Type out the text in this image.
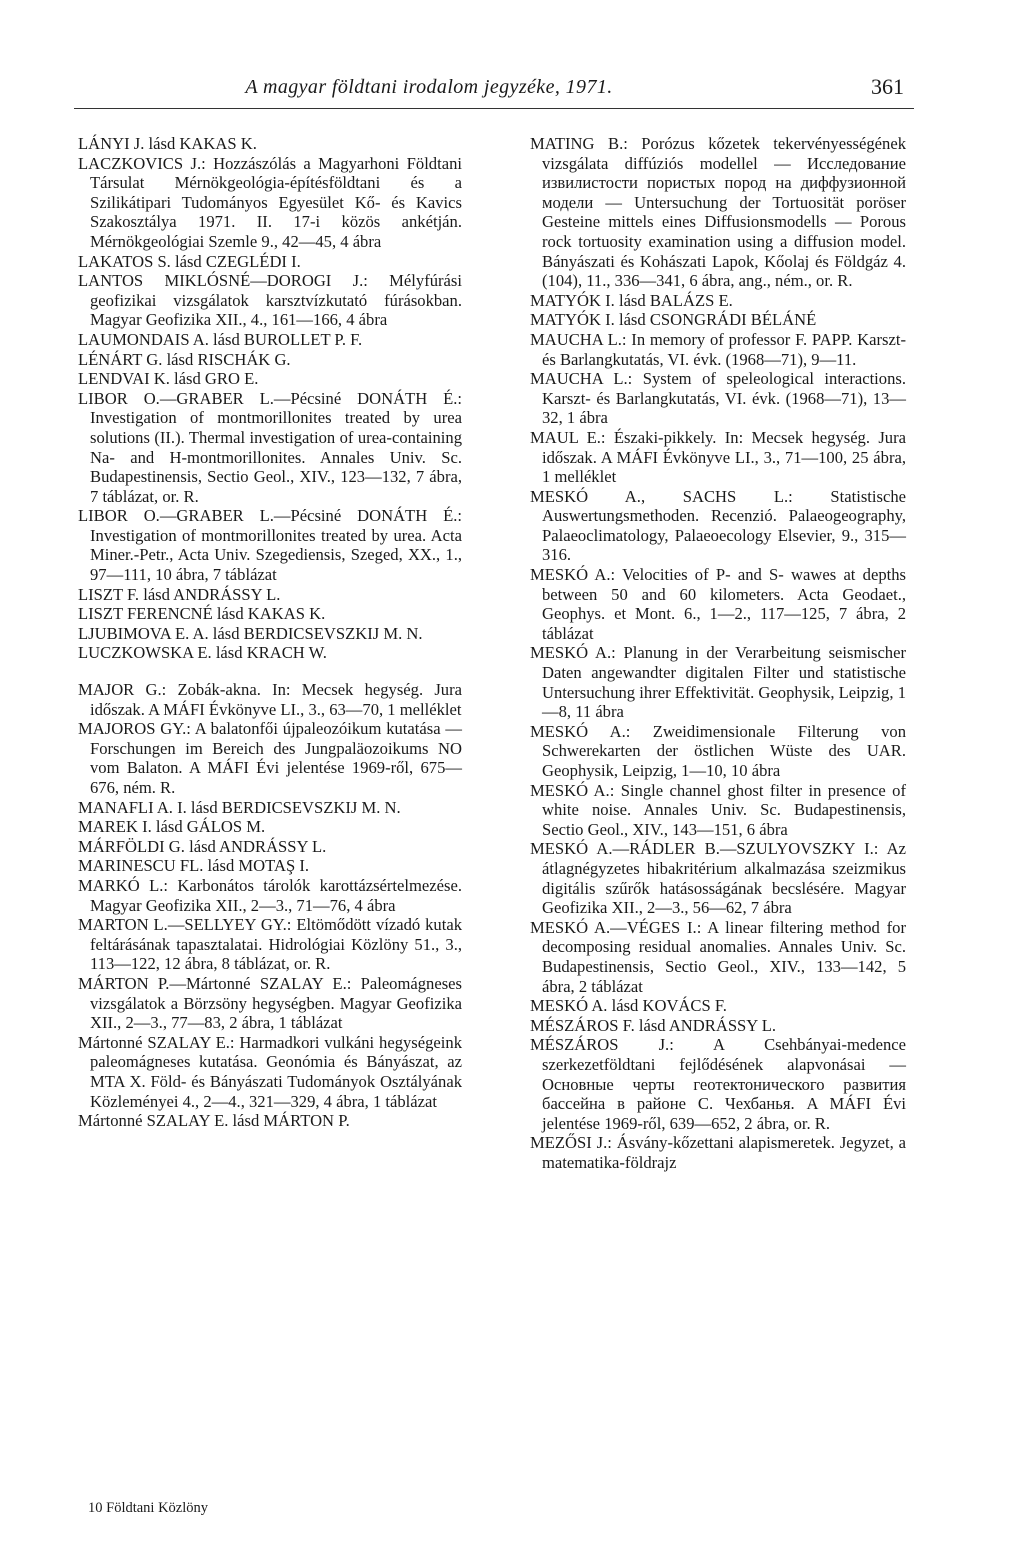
A magyar földtani irodalom jegyzéke, 1971.	361

LÁNYI J. lásd KAKAS K.

LACZKOVICS J.: Hozzászólás a Magyarhoni Földtani Társulat Mérnökgeológia-építésföldtani és a Szilikátipari Tudományos Egyesület Kő- és Kavics Szakosztálya 1971. II. 17-i közös ankétján. Mérnökgeológiai Szemle 9., 42—45, 4 ábra

LAKATOS S. lásd CZEGLÉDI I.

LANTOS MIKLÓSNÉ—DOROGI J.: Mélyfúrási geofizikai vizsgálatok karsztvízkutató fúrásokban. Magyar Geofizika XII., 4., 161—166, 4 ábra

LAUMONDAIS A. lásd BUROLLET P. F.

LÉNÁRT G. lásd RISCHÁK G.

LENDVAI K. lásd GRO E.

LIBOR O.—GRABER L.—Pécsiné DONÁTH É.: Investigation of montmorillonites treated by urea solutions (II.). Thermal investigation of urea-containing Na- and H-montmorillonites. Annales Univ. Sc. Budapestinensis, Sectio Geol., XIV., 123—132, 7 ábra, 7 táblázat, or. R.

LIBOR O.—GRABER L.—Pécsiné DONÁTH É.: Investigation of montmorillonites treated by urea. Acta Miner.-Petr., Acta Univ. Szegediensis, Szeged, XX., 1., 97—111, 10 ábra, 7 táblázat

LISZT F. lásd ANDRÁSSY L.

LISZT FERENCNÉ lásd KAKAS K.

LJUBIMOVA E. A. lásd BERDICSEVSZKIJ M. N.

LUCZKOWSKA E. lásd KRACH W.

MAJOR G.: Zobák-akna. In: Mecsek hegység. Jura időszak. A MÁFI Évkönyve LI., 3., 63—70, 1 melléklet

MAJOROS GY.: A balatonfői újpaleozóikum kutatása — Forschungen im Bereich des Jungpaläozoikums NO vom Balaton. A MÁFI Évi jelentése 1969-ről, 675—676, ném. R.

MANAFLI A. I. lásd BERDICSEVSZKIJ M. N.

MAREK I. lásd GÁLOS M.

MÁRFÖLDI G. lásd ANDRÁSSY L.

MARINESCU FL. lásd MOTAŞ I.

MARKÓ L.: Karbonátos tárolók karottázsértelmezése. Magyar Geofizika XII., 2—3., 71—76, 4 ábra

MARTON L.—SELLYEY GY.: Eltömődött vízadó kutak feltárásának tapasztalatai. Hidrológiai Közlöny 51., 3., 113—122, 12 ábra, 8 táblázat, or. R.

MÁRTON P.—Mártonné SZALAY E.: Paleomágneses vizsgálatok a Börzsöny hegységben. Magyar Geofizika XII., 2—3., 77—83, 2 ábra, 1 táblázat

Mártonné SZALAY E.: Harmadkori vulkáni hegységeink paleomágneses kutatása. Geonómia és Bányászat, az MTA X. Föld- és Bányászati Tudományok Osztályának Közleményei 4., 2—4., 321—329, 4 ábra, 1 táblázat

Mártonné SZALAY E. lásd MÁRTON P.

MATING B.: Porózus kőzetek tekervényességének vizsgálata diffúziós modellel — Исследование извилистости пористых пород на диффузионной модели — Untersuchung der Tortuosität poröser Gesteine mittels eines Diffusionsmodells — Porous rock tortuosity examination using a diffusion model. Bányászati és Kohászati Lapok, Kőolaj és Földgáz 4. (104), 11., 336—341, 6 ábra, ang., ném., or. R.

MATYÓK I. lásd BALÁZS E.

MATYÓK I. lásd CSONGRÁDI BÉLÁNÉ

MAUCHA L.: In memory of professor F. PAPP. Karszt- és Barlangkutatás, VI. évk. (1968—71), 9—11.

MAUCHA L.: System of speleological interactions. Karszt- és Barlangkutatás, VI. évk. (1968—71), 13—32, 1 ábra

MAUL E.: Északi-pikkely. In: Mecsek hegység. Jura időszak. A MÁFI Évkönyve LI., 3., 71—100, 25 ábra, 1 melléklet

MESKÓ A., SACHS L.: Statistische Auswertungsmethoden. Recenzió. Palaeogeography, Palaeoclimatology, Palaeoecology Elsevier, 9., 315—316.

MESKÓ A.: Velocities of P- and S- wawes at depths between 50 and 60 kilometers. Acta Geodaet., Geophys. et Mont. 6., 1—2., 117—125, 7 ábra, 2 táblázat

MESKÓ A.: Planung in der Verarbeitung seismischer Daten angewandter digitalen Filter und statistische Untersuchung ihrer Effektivität. Geophysik, Leipzig, 1—8, 11 ábra

MESKÓ A.: Zweidimensionale Filterung von Schwerekarten der östlichen Wüste des UAR. Geophysik, Leipzig, 1—10, 10 ábra

MESKÓ A.: Single channel ghost filter in presence of white noise. Annales Univ. Sc. Budapestinensis, Sectio Geol., XIV., 143—151, 6 ábra

MESKÓ A.—RÁDLER B.—SZULYOVSZKY I.: Az átlagnégyzetes hibakritérium alkalmazása szeizmikus digitális szűrők hatásosságának becslésére. Magyar Geofizika XII., 2—3., 56—62, 7 ábra

MESKÓ A.—VÉGES I.: A linear filtering method for decomposing residual anomalies. Annales Univ. Sc. Budapestinensis, Sectio Geol., XIV., 133—142, 5 ábra, 2 táblázat

MESKÓ A. lásd KOVÁCS F.

MÉSZÁROS F. lásd ANDRÁSSY L.

MÉSZÁROS J.: A Csehbányai-medence szerkezetföldtani fejlődésének alapvonásai — Основные черты геотектонического развития бассейна в районе С. Чехбанья. A MÁFI Évi jelentése 1969-ről, 639—652, 2 ábra, or. R.

MEZŐSI J.: Ásvány-kőzettani alapismeretek. Jegyzet, a matematika-földrajz

10 Földtani Közlöny
